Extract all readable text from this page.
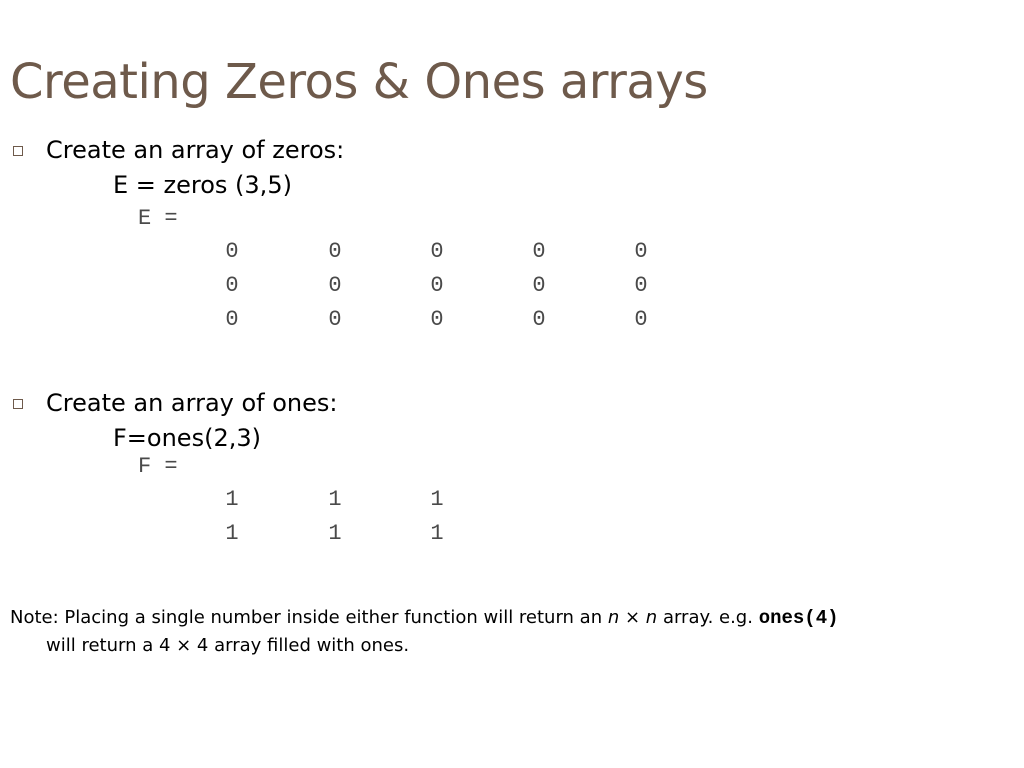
Creating Zeros & Ones arrays
Create an array of zeros:
E = zeros (3,5)
E =
0	0	0	0	0
0	0	0	0	0
0	0	0	0	0
Create an array of ones:
F=ones(2,3)
F =
1	1	1
1	1	1
Note: Placing a single number inside either function will return an n × n array. e.g. ones(4)
will return a 4 × 4 array filled with ones.
